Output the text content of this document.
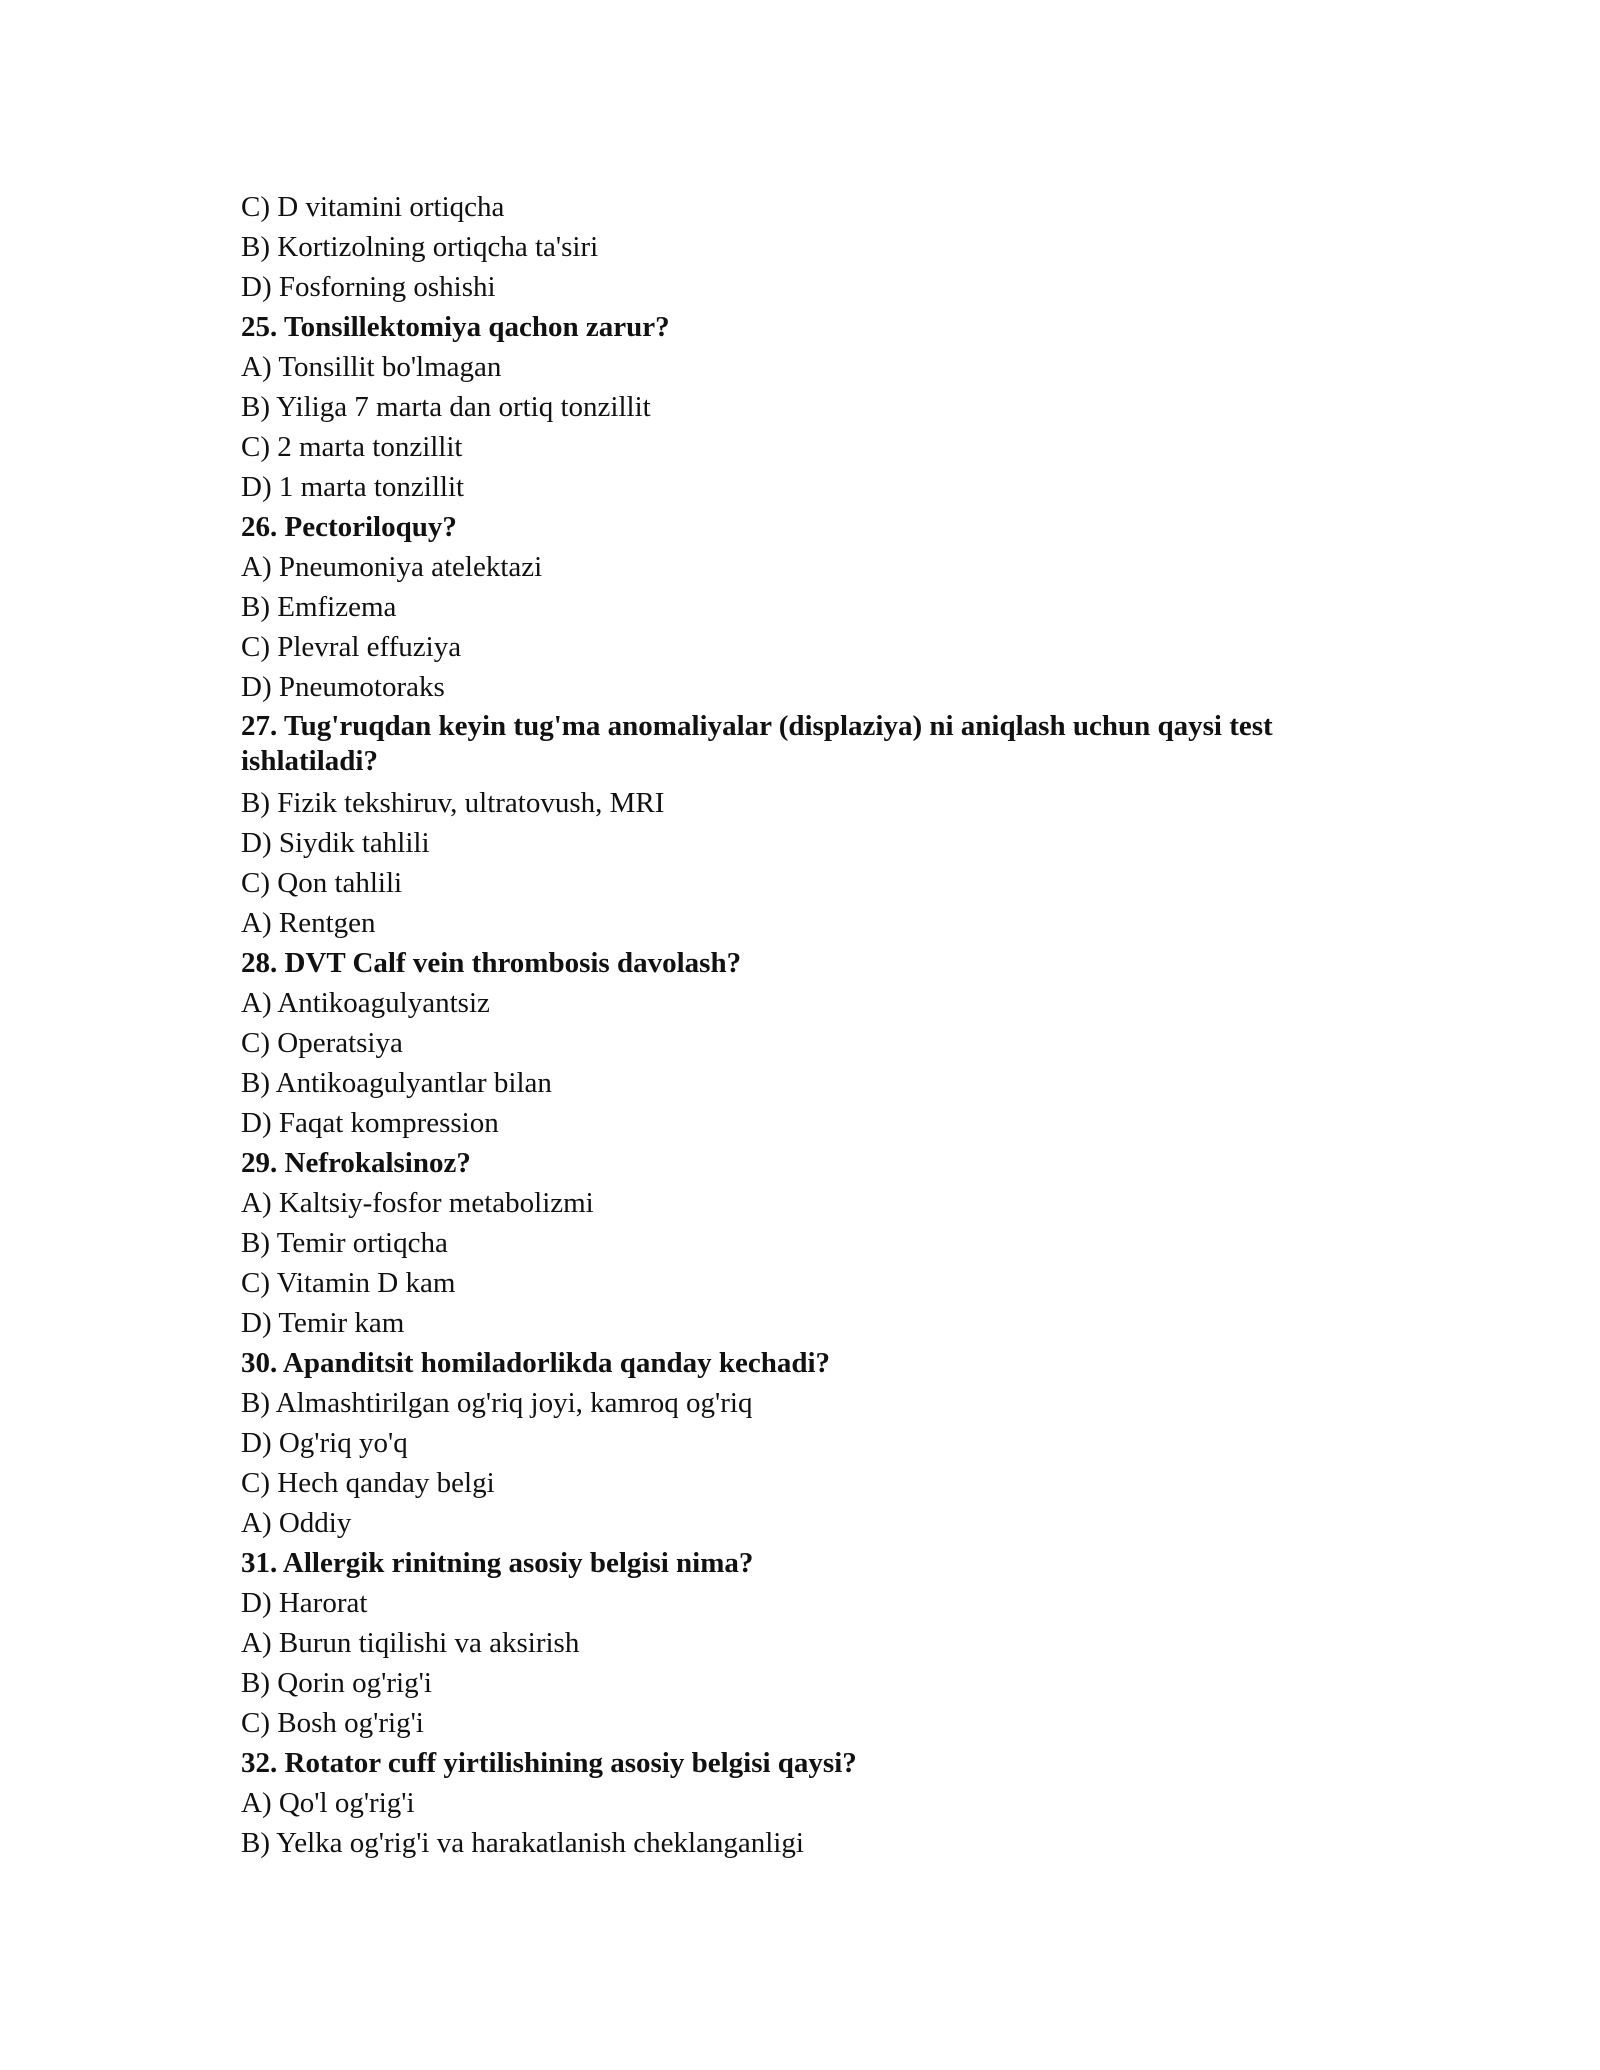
C) D vitamini ortiqcha
B) Kortizolning ortiqcha ta'siri
D) Fosforning oshishi
25. Tonsillektomiya qachon zarur?
A) Tonsillit bo'lmagan
B) Yiliga 7 marta dan ortiq tonzillit
C) 2 marta tonzillit
D) 1 marta tonzillit
26. Pectoriloquy?
A) Pneumoniya atelektazi
B) Emfizema
C) Plevral effuziya
D) Pneumotoraks
27. Tug'ruqdan keyin tug'ma anomaliyalar (displaziya) ni aniqlash uchun qaysi test ishlatiladi?
B) Fizik tekshiruv, ultratovush, MRI
D) Siydik tahlili
C) Qon tahlili
A) Rentgen
28. DVT Calf vein thrombosis davolash?
A) Antikoagulyantsiz
C) Operatsiya
B) Antikoagulyantlar bilan
D) Faqat kompression
29. Nefrokalsinoz?
A) Kaltsiy-fosfor metabolizmi
B) Temir ortiqcha
C) Vitamin D kam
D) Temir kam
30. Apanditsit homiladorlikda qanday kechadi?
B) Almashtirilgan og'riq joyi, kamroq og'riq
D) Og'riq yo'q
C) Hech qanday belgi
A) Oddiy
31. Allergik rinitning asosiy belgisi nima?
D) Harorat
A) Burun tiqilishi va aksirish
B) Qorin og'rig'i
C) Bosh og'rig'i
32. Rotator cuff yirtilishining asosiy belgisi qaysi?
A) Qo'l og'rig'i
B) Yelka og'rig'i va harakatlanish cheklanganligi
